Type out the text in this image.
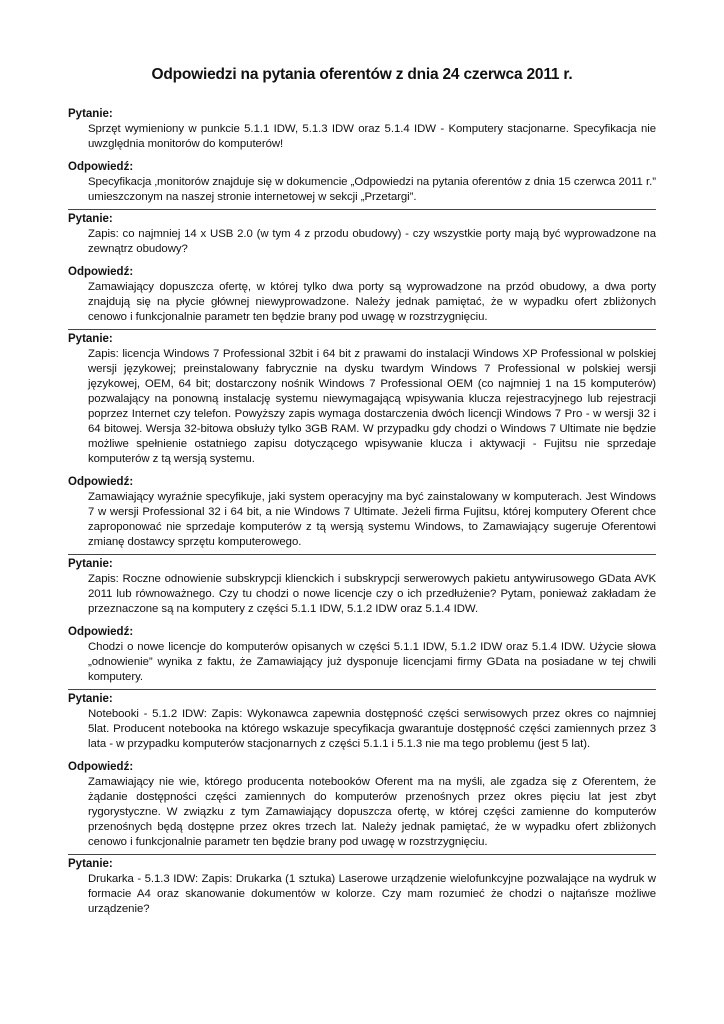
Odpowiedzi na pytania oferentów z dnia 24 czerwca 2011 r.

Pytanie:

Sprzęt wymieniony w punkcie 5.1.1 IDW, 5.1.3 IDW oraz 5.1.4 IDW - Komputery stacjonarne. Specyfikacja nie uwzględnia monitorów do komputerów!

Odpowiedź:

Specyfikacja ‚monitorów znajduje się w dokumencie „Odpowiedzi na pytania oferentów z dnia 15 czerwca 2011 r.” umieszczonym na naszej stronie internetowej w sekcji „Przetargi”.

Pytanie:

Zapis: co najmniej 14 x USB 2.0 (w tym 4 z przodu obudowy) - czy wszystkie porty mają być wyprowadzone na zewnątrz obudowy?

Odpowiedź:

Zamawiający dopuszcza ofertę, w której tylko dwa porty są wyprowadzone na przód obudowy, a dwa porty znajdują się na płycie głównej niewyprowadzone. Należy jednak pamiętać, że w wypadku ofert zbliżonych cenowo i funkcjonalnie parametr ten będzie brany pod uwagę w rozstrzygnięciu.

Pytanie:

Zapis: licencja Windows 7 Professional 32bit i 64 bit z prawami do instalacji Windows XP Professional w polskiej wersji językowej; preinstalowany fabrycznie na dysku twardym Windows 7 Professional w polskiej wersji językowej, OEM, 64 bit; dostarczony nośnik Windows 7 Professional OEM (co najmniej 1 na 15 komputerów) pozwalający na ponowną instalację systemu niewymagającą wpisywania klucza rejestracyjnego lub rejestracji poprzez Internet czy telefon. Powyższy zapis wymaga dostarczenia dwóch licencji Windows 7 Pro - w wersji 32 i 64 bitowej. Wersja 32-bitowa obsłuży tylko 3GB RAM. W przypadku gdy chodzi o Windows 7 Ultimate nie będzie możliwe spełnienie ostatniego zapisu dotyczącego wpisywanie klucza i aktywacji - Fujitsu nie sprzedaje komputerów z tą wersją systemu.

Odpowiedź:

Zamawiający wyraźnie specyfikuje, jaki system operacyjny ma być zainstalowany w komputerach. Jest Windows 7 w wersji Professional 32 i 64 bit, a nie Windows 7 Ultimate. Jeżeli firma Fujitsu, której komputery Oferent chce zaproponować nie sprzedaje komputerów z tą wersją systemu Windows, to Zamawiający sugeruje Oferentowi zmianę dostawcy sprzętu komputerowego.

Pytanie:

Zapis: Roczne odnowienie subskrypcji klienckich i subskrypcji serwerowych pakietu antywirusowego GData AVK 2011 lub równoważnego. Czy tu chodzi o nowe licencje czy o ich przedłużenie? Pytam, ponieważ zakładam że przeznaczone są na komputery z części 5.1.1 IDW, 5.1.2 IDW oraz 5.1.4 IDW.

Odpowiedź:

Chodzi o nowe licencje do komputerów opisanych w części 5.1.1 IDW, 5.1.2 IDW oraz 5.1.4 IDW. Użycie słowa „odnowienie” wynika z faktu, że Zamawiający już dysponuje licencjami firmy GData na posiadane w tej chwili komputery.

Pytanie:

Notebooki - 5.1.2 IDW: Zapis: Wykonawca zapewnia dostępność części serwisowych przez okres co najmniej 5lat. Producent notebooka na którego wskazuje specyfikacja gwarantuje dostępność części zamiennych przez 3 lata - w przypadku komputerów stacjonarnych z części 5.1.1 i 5.1.3 nie ma tego problemu (jest 5 lat).

Odpowiedź:

Zamawiający nie wie, którego producenta notebooków Oferent ma na myśli, ale zgadza się z Oferentem, że żądanie dostępności części zamiennych do komputerów przenośnych przez okres pięciu lat jest zbyt rygorystyczne. W związku z tym Zamawiający dopuszcza ofertę, w której części zamienne do komputerów przenośnych będą dostępne przez okres trzech lat. Należy jednak pamiętać, że w wypadku ofert zbliżonych cenowo i funkcjonalnie parametr ten będzie brany pod uwagę w rozstrzygnięciu.

Pytanie:

Drukarka - 5.1.3 IDW: Zapis: Drukarka (1 sztuka) Laserowe urządzenie wielofunkcyjne pozwalające na wydruk w formacie A4 oraz skanowanie dokumentów w kolorze. Czy mam rozumieć że chodzi o najtańsze możliwe urządzenie?
